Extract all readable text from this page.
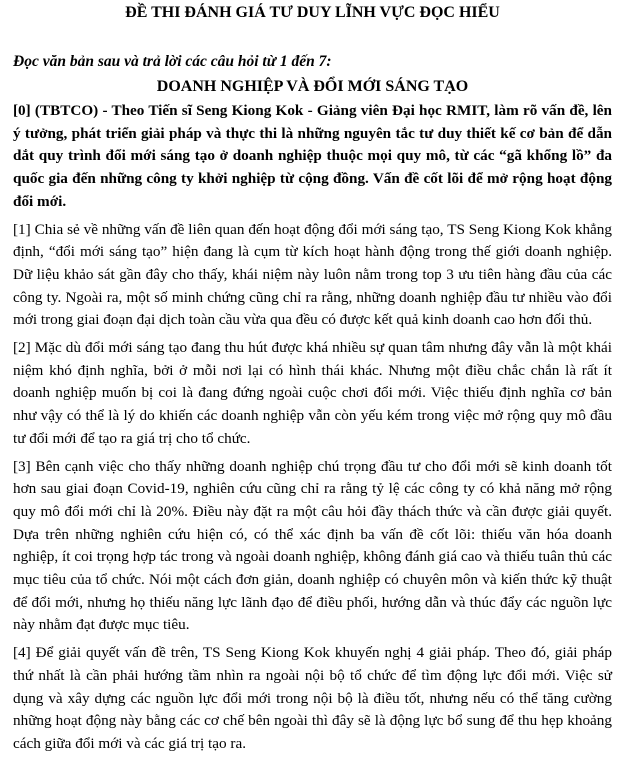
ĐỀ THI ĐÁNH GIÁ TƯ DUY LĨNH VỰC ĐỌC HIỂU
Đọc văn bản sau và trả lời các câu hỏi từ 1 đến 7:
DOANH NGHIỆP VÀ ĐỔI MỚI SÁNG TẠO

[0] (TBTCO) - Theo Tiến sĩ Seng Kiong Kok - Giảng viên Đại học RMIT, làm rõ vấn đề, lên ý tưởng, phát triển giải pháp và thực thi là những nguyên tắc tư duy thiết kế cơ bản để dẫn dắt quy trình đổi mới sáng tạo ở doanh nghiệp thuộc mọi quy mô, từ các “gã khổng lồ” đa quốc gia đến những công ty khởi nghiệp từ cộng đồng. Vấn đề cốt lõi để mở rộng hoạt động đổi mới.

[1] Chia sẻ về những vấn đề liên quan đến hoạt động đổi mới sáng tạo, TS Seng Kiong Kok khẳng định, “đổi mới sáng tạo” hiện đang là cụm từ kích hoạt hành động trong thế giới doanh nghiệp. Dữ liệu khảo sát gần đây cho thấy, khái niệm này luôn nằm trong top 3 ưu tiên hàng đầu của các công ty. Ngoài ra, một số minh chứng cũng chỉ ra rằng, những doanh nghiệp đầu tư nhiều vào đổi mới trong giai đoạn đại dịch toàn cầu vừa qua đều có được kết quả kinh doanh cao hơn đối thủ.

[2] Mặc dù đổi mới sáng tạo đang thu hút được khá nhiều sự quan tâm nhưng đây vẫn là một khái niệm khó định nghĩa, bởi ở mỗi nơi lại có hình thái khác. Nhưng một điều chắc chắn là rất ít doanh nghiệp muốn bị coi là đang đứng ngoài cuộc chơi đổi mới. Việc thiếu định nghĩa cơ bản như vậy có thể là lý do khiến các doanh nghiệp vẫn còn yếu kém trong việc mở rộng quy mô đầu tư đổi mới để tạo ra giá trị cho tổ chức.

[3] Bên cạnh việc cho thấy những doanh nghiệp chú trọng đầu tư cho đổi mới sẽ kinh doanh tốt hơn sau giai đoạn Covid-19, nghiên cứu cũng chỉ ra rằng tỷ lệ các công ty có khả năng mở rộng quy mô đổi mới chỉ là 20%. Điều này đặt ra một câu hỏi đầy thách thức và cần được giải quyết. Dựa trên những nghiên cứu hiện có, có thể xác định ba vấn đề cốt lõi: thiếu văn hóa doanh nghiệp, ít coi trọng hợp tác trong và ngoài doanh nghiệp, không đánh giá cao và thiếu tuân thủ các mục tiêu của tổ chức. Nói một cách đơn giản, doanh nghiệp có chuyên môn và kiến thức kỹ thuật để đổi mới, nhưng họ thiếu năng lực lãnh đạo để điều phối, hướng dẫn và thúc đẩy các nguồn lực này nhằm đạt được mục tiêu.

[4] Để giải quyết vấn đề trên, TS Seng Kiong Kok khuyến nghị 4 giải pháp. Theo đó, giải pháp thứ nhất là cần phải hướng tầm nhìn ra ngoài nội bộ tổ chức để tìm động lực đổi mới. Việc sử dụng và xây dựng các nguồn lực đổi mới trong nội bộ là điều tốt, nhưng nếu có thể tăng cường những hoạt động này bằng các cơ chế bên ngoài thì đây sẽ là động lực bổ sung để thu hẹp khoảng cách giữa đổi mới và các giá trị tạo ra.
